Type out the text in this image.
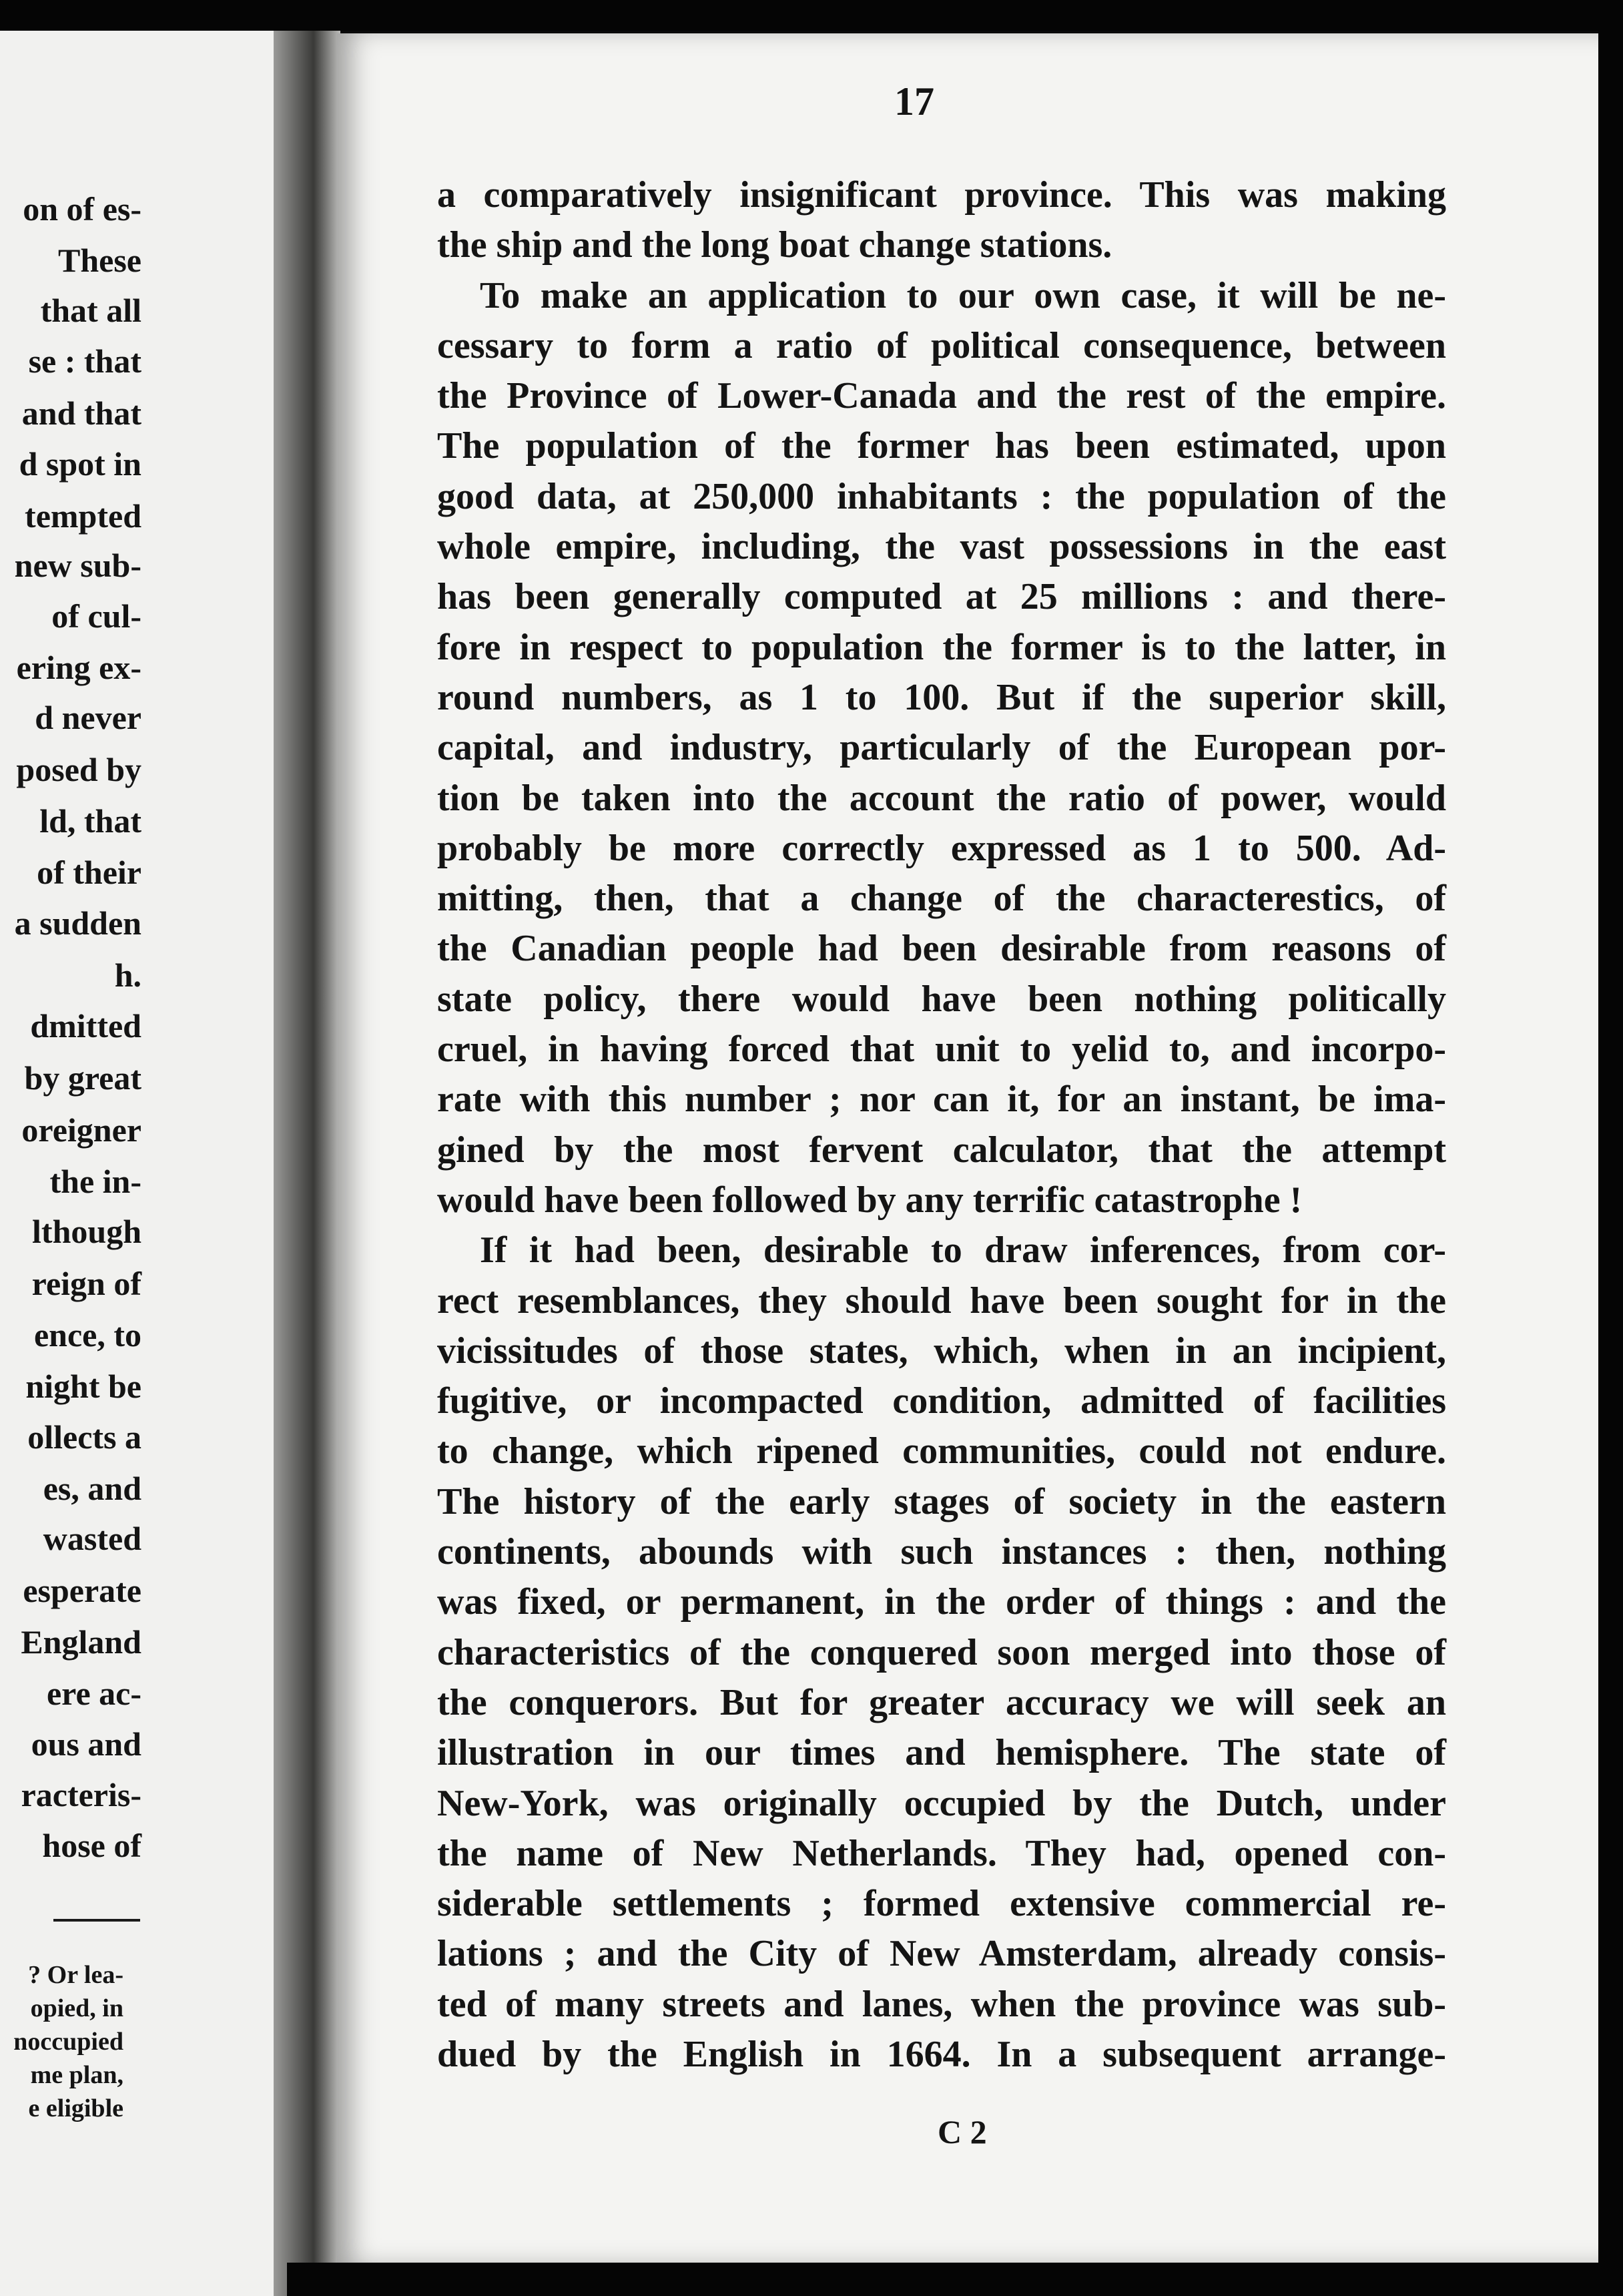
on of es-
These
that all
se : that
and that
d spot in
tempted
new sub-
of cul-
ering ex-
d never
posed by
ld, that
of their
a sudden
h.
dmitted
by great
oreigner
the in-
lthough
reign of
ence, to
night be
ollects a
es, and
wasted
esperate
England
ere ac-
ous and
racteris-
hose of
? Or lea-
opied, in
noccupied
me plan,
e eligible
17
a comparatively insignificant province. This was making
the ship and the long boat change stations.
To make an application to our own case, it will be ne-
cessary to form a ratio of political consequence, between
the Province of Lower-Canada and the rest of the empire.
The population of the former has been estimated, upon
good data, at 250,000 inhabitants : the population of the
whole empire, including, the vast possessions in the east
has been generally computed at 25 millions : and there-
fore in respect to population the former is to the latter, in
round numbers, as 1 to 100. But if the superior skill,
capital, and industry, particularly of the European por-
tion be taken into the account the ratio of power, would
probably be more correctly expressed as 1 to 500. Ad-
mitting, then, that a change of the characterestics, of
the Canadian people had been desirable from reasons of
state policy, there would have been nothing politically
cruel, in having forced that unit to yelid to, and incorpo-
rate with this number ; nor can it, for an instant, be ima-
gined by the most fervent calculator, that the attempt
would have been followed by any terrific catastrophe !
If it had been, desirable to draw inferences, from cor-
rect resemblances, they should have been sought for in the
vicissitudes of those states, which, when in an incipient,
fugitive, or incompacted condition, admitted of facilities
to change, which ripened communities, could not endure.
The history of the early stages of society in the eastern
continents, abounds with such instances : then, nothing
was fixed, or permanent, in the order of things : and the
characteristics of the conquered soon merged into those of
the conquerors. But for greater accuracy we will seek an
illustration in our times and hemisphere. The state of
New-York, was originally occupied by the Dutch, under
the name of New Netherlands. They had, opened con-
siderable settlements ; formed extensive commercial re-
lations ; and the City of New Amsterdam, already consis-
ted of many streets and lanes, when the province was sub-
dued by the English in 1664. In a subsequent arrange-
C 2
